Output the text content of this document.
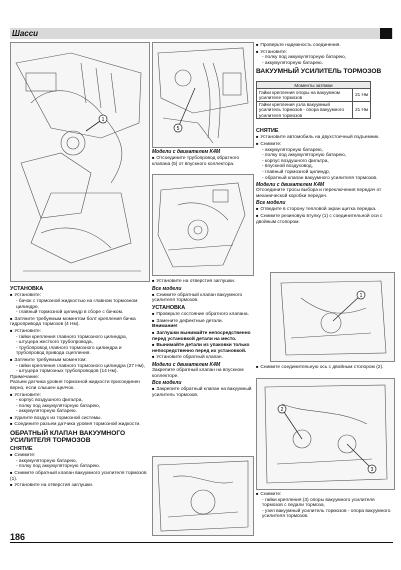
Шасси
1
5

Модели с двигателем K4M

■ Отсоедините трубопровод обратного клапана (5) от впускного коллектора.

■ Установите на отверстия заглушки.

Все модели

■ Снимите обратный клапан вакуумного усилителя тормозов.

УСТАНОВКА

■ Проверьте состояние обратного клапана.

■ Замените дефектные детали.

Внимание!

■ Заглушки вынимайте непосредственно перед установкой детали на место.

■ Вынимайте детали из упаковки только непосредственно перед их установкой.

■ Установите обратный клапан.

Модели с двигателем K4M

Закрепите обратный клапан на впускном коллекторе.

Все модели

■ Закрепите обратный клапан на вакуумный усилитель тормозов.

УСТАНОВКА

■ Установите:

- бачок с тормозной жидкостью на главном тормозном цилиндре,

- главный тормозной цилиндр в сборе с бачком.

■ Затяните требуемым моментом болт крепления бачка гидропривода тормозов (4 Нм).

■ Установите:

- гайки крепления главного тормозного цилиндра,

- штуцера жесткого трубопровода,

- трубопровод главного тормозного цилиндра и трубопровод привода сцепления.

■ Затяните требуемым моментом:

- гайки крепления главного тормозного цилиндра (27 Нм),

- штуцера тормозных трубопроводов (14 Нм).

Примечание:

Разъем датчика уровня тормозной жидкости присоединен верно, если слышен щелчок.

■ Установите:

- корпус воздушного фильтра,

- полку под аккумуляторную батарею,

- аккумуляторную батарею.

■ Удалите воздух из тормозной системы.

■ Соедините разъем датчика уровня тормозной жидкости.

ОБРАТНЫЙ КЛАПАН ВАКУУМНОГО УСИЛИТЕЛЯ ТОРМОЗОВ

СНЯТИЕ

■ Снимите:

- аккумуляторную батарею,

- полку под аккумуляторную батарею.

■ Снимите обратный клапан вакуумного усилителя тормозов (1).

■ Установите на отверстия заглушки.

■ Проверьте надежность соединения.

■ Установите:

- полку под аккумуляторную батарею,

- аккумуляторную батарею.

ВАКУУМНЫЙ УСИЛИТЕЛЬ ТОРМОЗОВ

Моменты затяжки	
Гайки крепления опоры на вакуумном усилителе тормозов	21 Нм
Гайки крепления узла вакуумный усилитель тормозов - опора вакуумного усилителя тормозов	21 Нм

СНЯТИЕ

■ Установите автомобиль на двухстоечный подъемник.

■ Снимите:

- аккумуляторную батарею,

- полку под аккумуляторную батарею,

- корпус воздушного фильтра,

- впускной воздуховод,

- главный тормозной цилиндр,

- обратный клапан вакуумного усилителя тормозов.

Модели с двигателем K4M

Отсоедините тросы выбора и переключения передач от механической коробки передач.

Все модели

■ Отведите в сторону тепловой экран щитка передка.

■ Снимите резиновую втулку (1) с соединительной оси с двойным стопором.

1

■ Снимите соединительную ось с двойным стопором (2).

2
3

■ Снимите:

- гайки крепления (3) опоры вакуумного усилителя тормозов с педали тормоза,

- узел вакуумный усилитель тормозов - опора вакуумного усилителя тормозов.

186
